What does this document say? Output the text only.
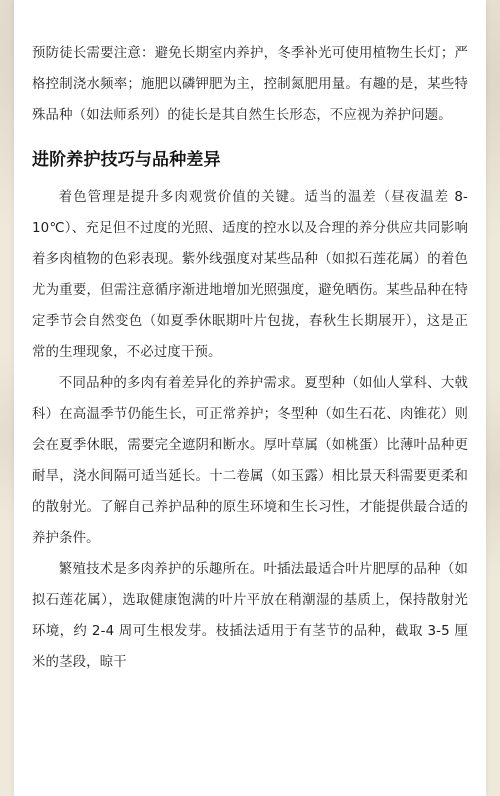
预防徒长需要注意：避免长期室内养护，冬季补光可使用植物生长灯；严格控制浇水频率；施肥以磷钾肥为主，控制氮肥用量。有趣的是，某些特殊品种（如法师系列）的徒长是其自然生长形态，不应视为养护问题。

进阶养护技巧与品种差异

着色管理是提升多肉观赏价值的关键。适当的温差（昼夜温差 8-10℃）、充足但不过度的光照、适度的控水以及合理的养分供应共同影响着多肉植物的色彩表现。紫外线强度对某些品种（如拟石莲花属）的着色尤为重要，但需注意循序渐进地增加光照强度，避免晒伤。某些品种在特定季节会自然变色（如夏季休眠期叶片包拢，春秋生长期展开），这是正常的生理现象，不必过度干预。

不同品种的多肉有着差异化的养护需求。夏型种（如仙人掌科、大戟科）在高温季节仍能生长，可正常养护；冬型种（如生石花、肉锥花）则会在夏季休眠，需要完全遮阴和断水。厚叶草属（如桃蛋）比薄叶品种更耐旱，浇水间隔可适当延长。十二卷属（如玉露）相比景天科需要更柔和的散射光。了解自己养护品种的原生环境和生长习性，才能提供最合适的养护条件。

繁殖技术是多肉养护的乐趣所在。叶插法最适合叶片肥厚的品种（如拟石莲花属），选取健康饱满的叶片平放在稍潮湿的基质上，保持散射光环境，约 2-4 周可生根发芽。枝插法适用于有茎节的品种，截取 3-5 厘米的茎段，晾干
